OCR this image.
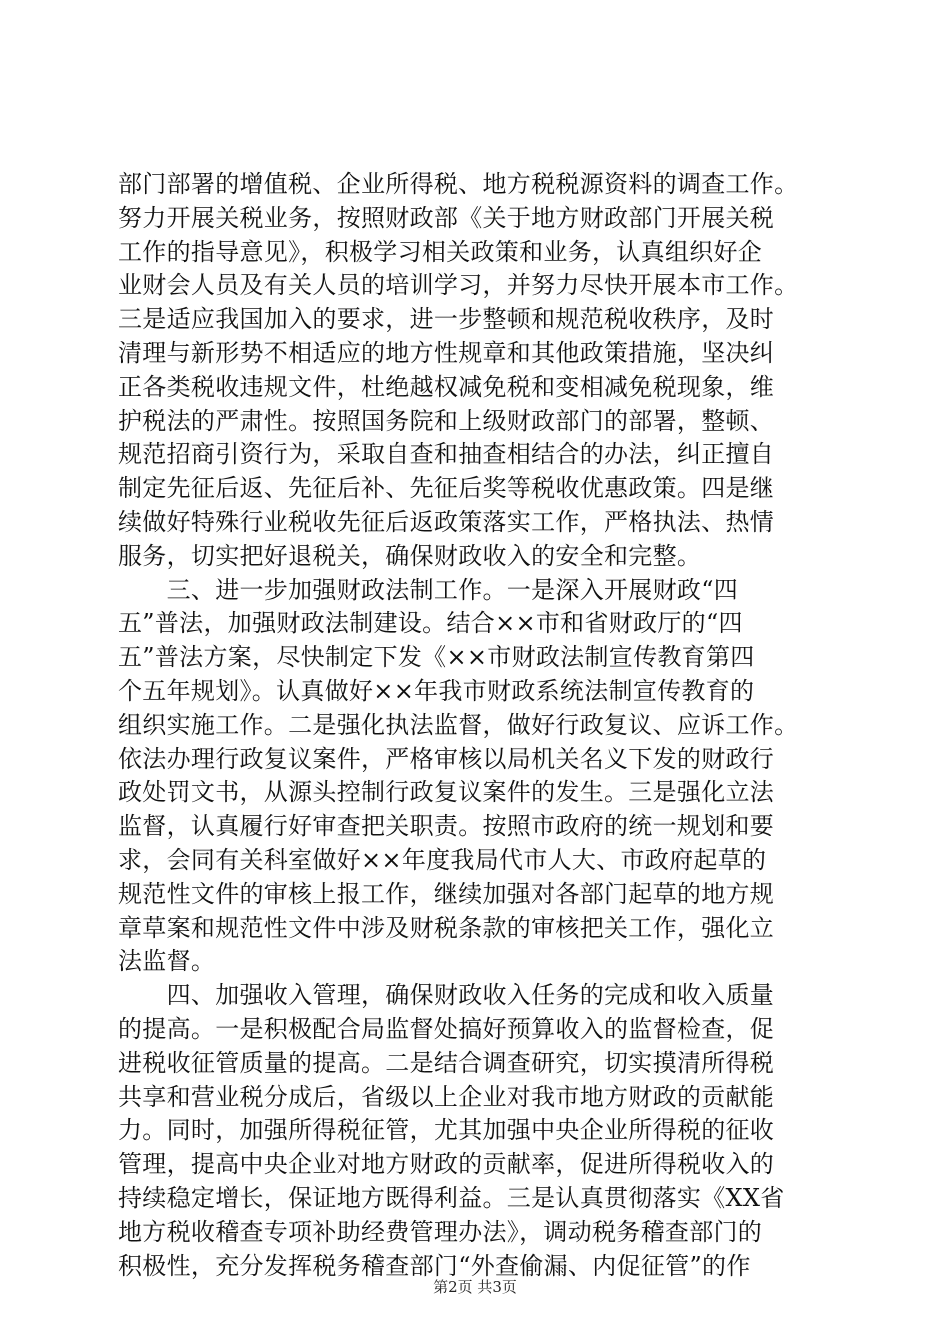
部门部署的增值税、企业所得税、地方税税源资料的调查工作。
努力开展关税业务，按照财政部《关于地方财政部门开展关税
工作的指导意见》，积极学习相关政策和业务，认真组织好企
业财会人员及有关人员的培训学习，并努力尽快开展本市工作。
三是适应我国加入的要求，进一步整顿和规范税收秩序，及时
清理与新形势不相适应的地方性规章和其他政策措施，坚决纠
正各类税收违规文件，杜绝越权减免税和变相减免税现象，维
护税法的严肃性。按照国务院和上级财政部门的部署，整顿、
规范招商引资行为，采取自查和抽查相结合的办法，纠正擅自
制定先征后返、先征后补、先征后奖等税收优惠政策。四是继
续做好特殊行业税收先征后返政策落实工作，严格执法、热情
服务，切实把好退税关，确保财政收入的安全和完整。
　　三、进一步加强财政法制工作。一是深入开展财政“四
五”普法，加强财政法制建设。结合××市和省财政厅的“四
五”普法方案，尽快制定下发《××市财政法制宣传教育第四
个五年规划》。认真做好××年我市财政系统法制宣传教育的
组织实施工作。二是强化执法监督，做好行政复议、应诉工作。
依法办理行政复议案件，严格审核以局机关名义下发的财政行
政处罚文书，从源头控制行政复议案件的发生。三是强化立法
监督，认真履行好审查把关职责。按照市政府的统一规划和要
求，会同有关科室做好××年度我局代市人大、市政府起草的
规范性文件的审核上报工作，继续加强对各部门起草的地方规
章草案和规范性文件中涉及财税条款的审核把关工作，强化立
法监督。
　　四、加强收入管理，确保财政收入任务的完成和收入质量
的提高。一是积极配合局监督处搞好预算收入的监督检查，促
进税收征管质量的提高。二是结合调查研究，切实摸清所得税
共享和营业税分成后，省级以上企业对我市地方财政的贡献能
力。同时，加强所得税征管，尤其加强中央企业所得税的征收
管理，提高中央企业对地方财政的贡献率，促进所得税收入的
持续稳定增长，保证地方既得利益。三是认真贯彻落实《XX省
地方税收稽查专项补助经费管理办法》，调动税务稽查部门的
积极性，充分发挥税务稽查部门“外查偷漏、内促征管”的作
第2页 共3页
